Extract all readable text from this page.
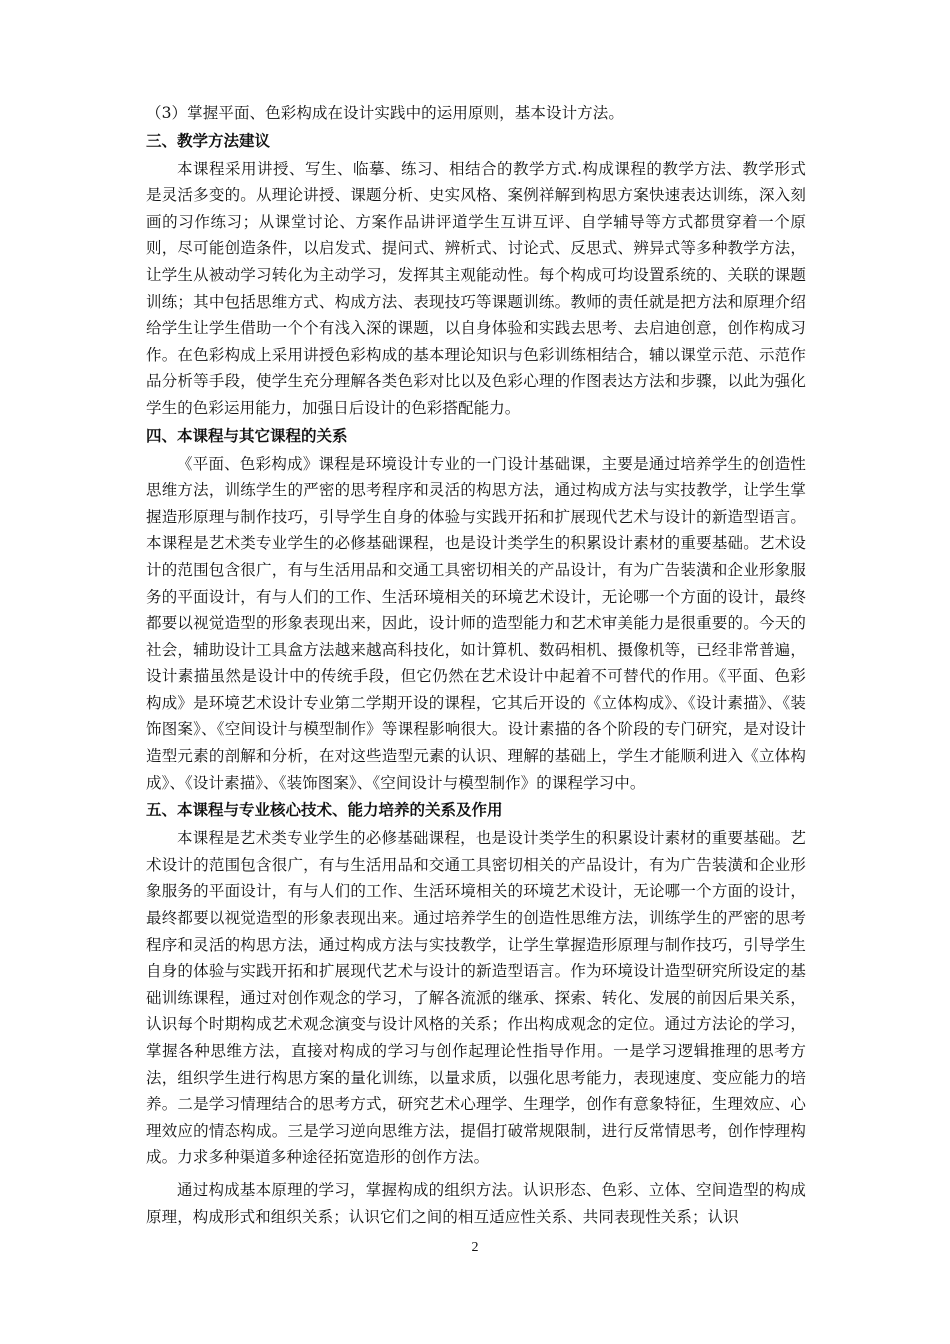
（3）掌握平面、色彩构成在设计实践中的运用原则，基本设计方法。

三、教学方法建议

本课程采用讲授、写生、临摹、练习、相结合的教学方式.构成课程的教学方法、教学形式是灵活多变的。从理论讲授、课题分析、史实风格、案例祥解到构思方案快速表达训练，深入刻画的习作练习；从课堂讨论、方案作品讲评道学生互讲互评、自学辅导等方式都贯穿着一个原则，尽可能创造条件，以启发式、提问式、辨析式、讨论式、反思式、辨异式等多种教学方法，让学生从被动学习转化为主动学习，发挥其主观能动性。每个构成可均设置系统的、关联的课题训练；其中包括思维方式、构成方法、表现技巧等课题训练。教师的责任就是把方法和原理介绍给学生让学生借助一个个有浅入深的课题，以自身体验和实践去思考、去启迪创意，创作构成习作。在色彩构成上采用讲授色彩构成的基本理论知识与色彩训练相结合，辅以课堂示范、示范作品分析等手段，使学生充分理解各类色彩对比以及色彩心理的作图表达方法和步骤，以此为强化学生的色彩运用能力，加强日后设计的色彩搭配能力。

四、本课程与其它课程的关系

《平面、色彩构成》课程是环境设计专业的一门设计基础课，主要是通过培养学生的创造性思维方法，训练学生的严密的思考程序和灵活的构思方法，通过构成方法与实技教学，让学生掌握造形原理与制作技巧，引导学生自身的体验与实践开拓和扩展现代艺术与设计的新造型语言。本课程是艺术类专业学生的必修基础课程，也是设计类学生的积累设计素材的重要基础。艺术设计的范围包含很广，有与生活用品和交通工具密切相关的产品设计，有为广告装潢和企业形象服务的平面设计，有与人们的工作、生活环境相关的环境艺术设计，无论哪一个方面的设计，最终都要以视觉造型的形象表现出来，因此，设计师的造型能力和艺术审美能力是很重要的。今天的社会，辅助设计工具盒方法越来越高科技化，如计算机、数码相机、摄像机等，已经非常普遍，设计素描虽然是设计中的传统手段，但它仍然在艺术设计中起着不可替代的作用。《平面、色彩构成》是环境艺术设计专业第二学期开设的课程，它其后开设的《立体构成》、《设计素描》、《装饰图案》、《空间设计与模型制作》等课程影响很大。设计素描的各个阶段的专门研究，是对设计造型元素的剖解和分析，在对这些造型元素的认识、理解的基础上，学生才能顺利进入《立体构成》、《设计素描》、《装饰图案》、《空间设计与模型制作》的课程学习中。

五、本课程与专业核心技术、能力培养的关系及作用

本课程是艺术类专业学生的必修基础课程，也是设计类学生的积累设计素材的重要基础。艺术设计的范围包含很广，有与生活用品和交通工具密切相关的产品设计，有为广告装潢和企业形象服务的平面设计，有与人们的工作、生活环境相关的环境艺术设计，无论哪一个方面的设计，最终都要以视觉造型的形象表现出来。通过培养学生的创造性思维方法，训练学生的严密的思考程序和灵活的构思方法，通过构成方法与实技教学，让学生掌握造形原理与制作技巧，引导学生自身的体验与实践开拓和扩展现代艺术与设计的新造型语言。作为环境设计造型研究所设定的基础训练课程，通过对创作观念的学习，了解各流派的继承、探索、转化、发展的前因后果关系，认识每个时期构成艺术观念演变与设计风格的关系；作出构成观念的定位。通过方法论的学习，掌握各种思维方法，直接对构成的学习与创作起理论性指导作用。一是学习逻辑推理的思考方法，组织学生进行构思方案的量化训练，以量求质，以强化思考能力，表现速度、变应能力的培养。二是学习情理结合的思考方式，研究艺术心理学、生理学，创作有意象特征，生理效应、心理效应的情态构成。三是学习逆向思维方法，提倡打破常规限制，进行反常情思考，创作悖理构成。力求多种渠道多种途径拓宽造形的创作方法。

通过构成基本原理的学习，掌握构成的组织方法。认识形态、色彩、立体、空间造型的构成原理，构成形式和组织关系；认识它们之间的相互适应性关系、共同表现性关系；认识

2
